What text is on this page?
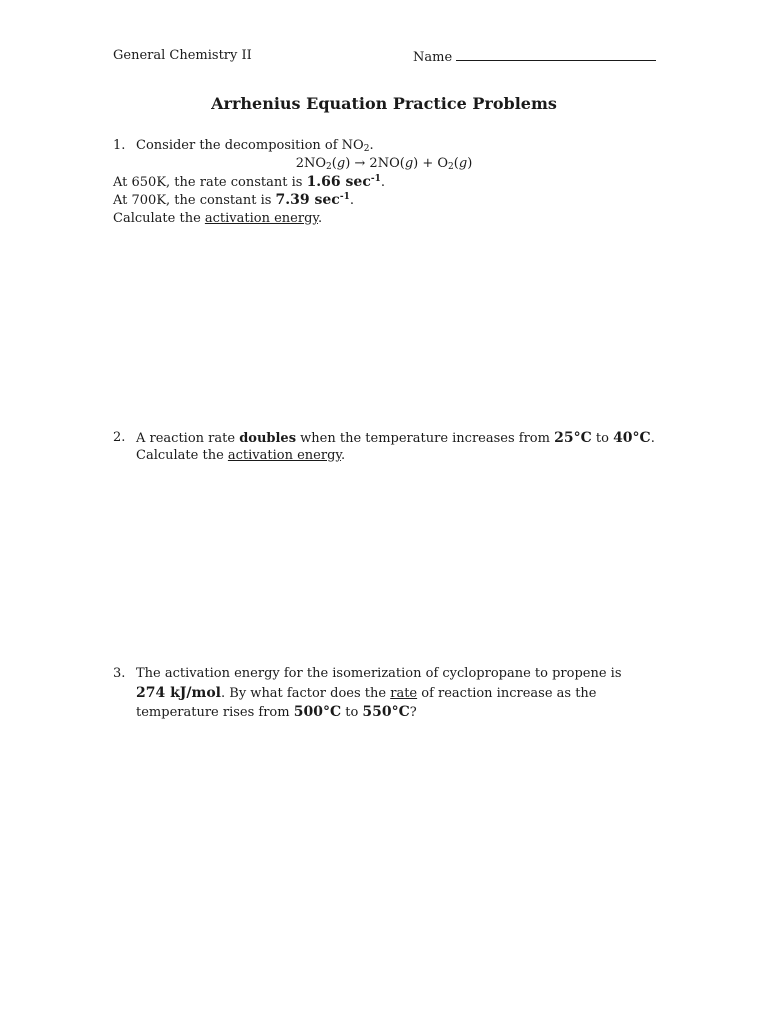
General Chemistry II	Name
Arrhenius Equation Practice Problems
1. Consider the decomposition of $NO_2$.
$2NO_2(g) \to 2NO(g) + O_2(g)$
At 650K, the rate constant is 1.66 $\sec^{-1}$.
At 700K, the constant is 7.39 $\sec^{-1}$.
Calculate the activation energy.
2. A reaction rate doubles when the temperature increases from 25°C to 40°C.
Calculate the activation energy.
3. The activation energy for the isomerization of cyclopropane to propene is
274 kJ/mol. By what factor does the rate of reaction increase as the
temperature rises from 500°C to 550°C?
